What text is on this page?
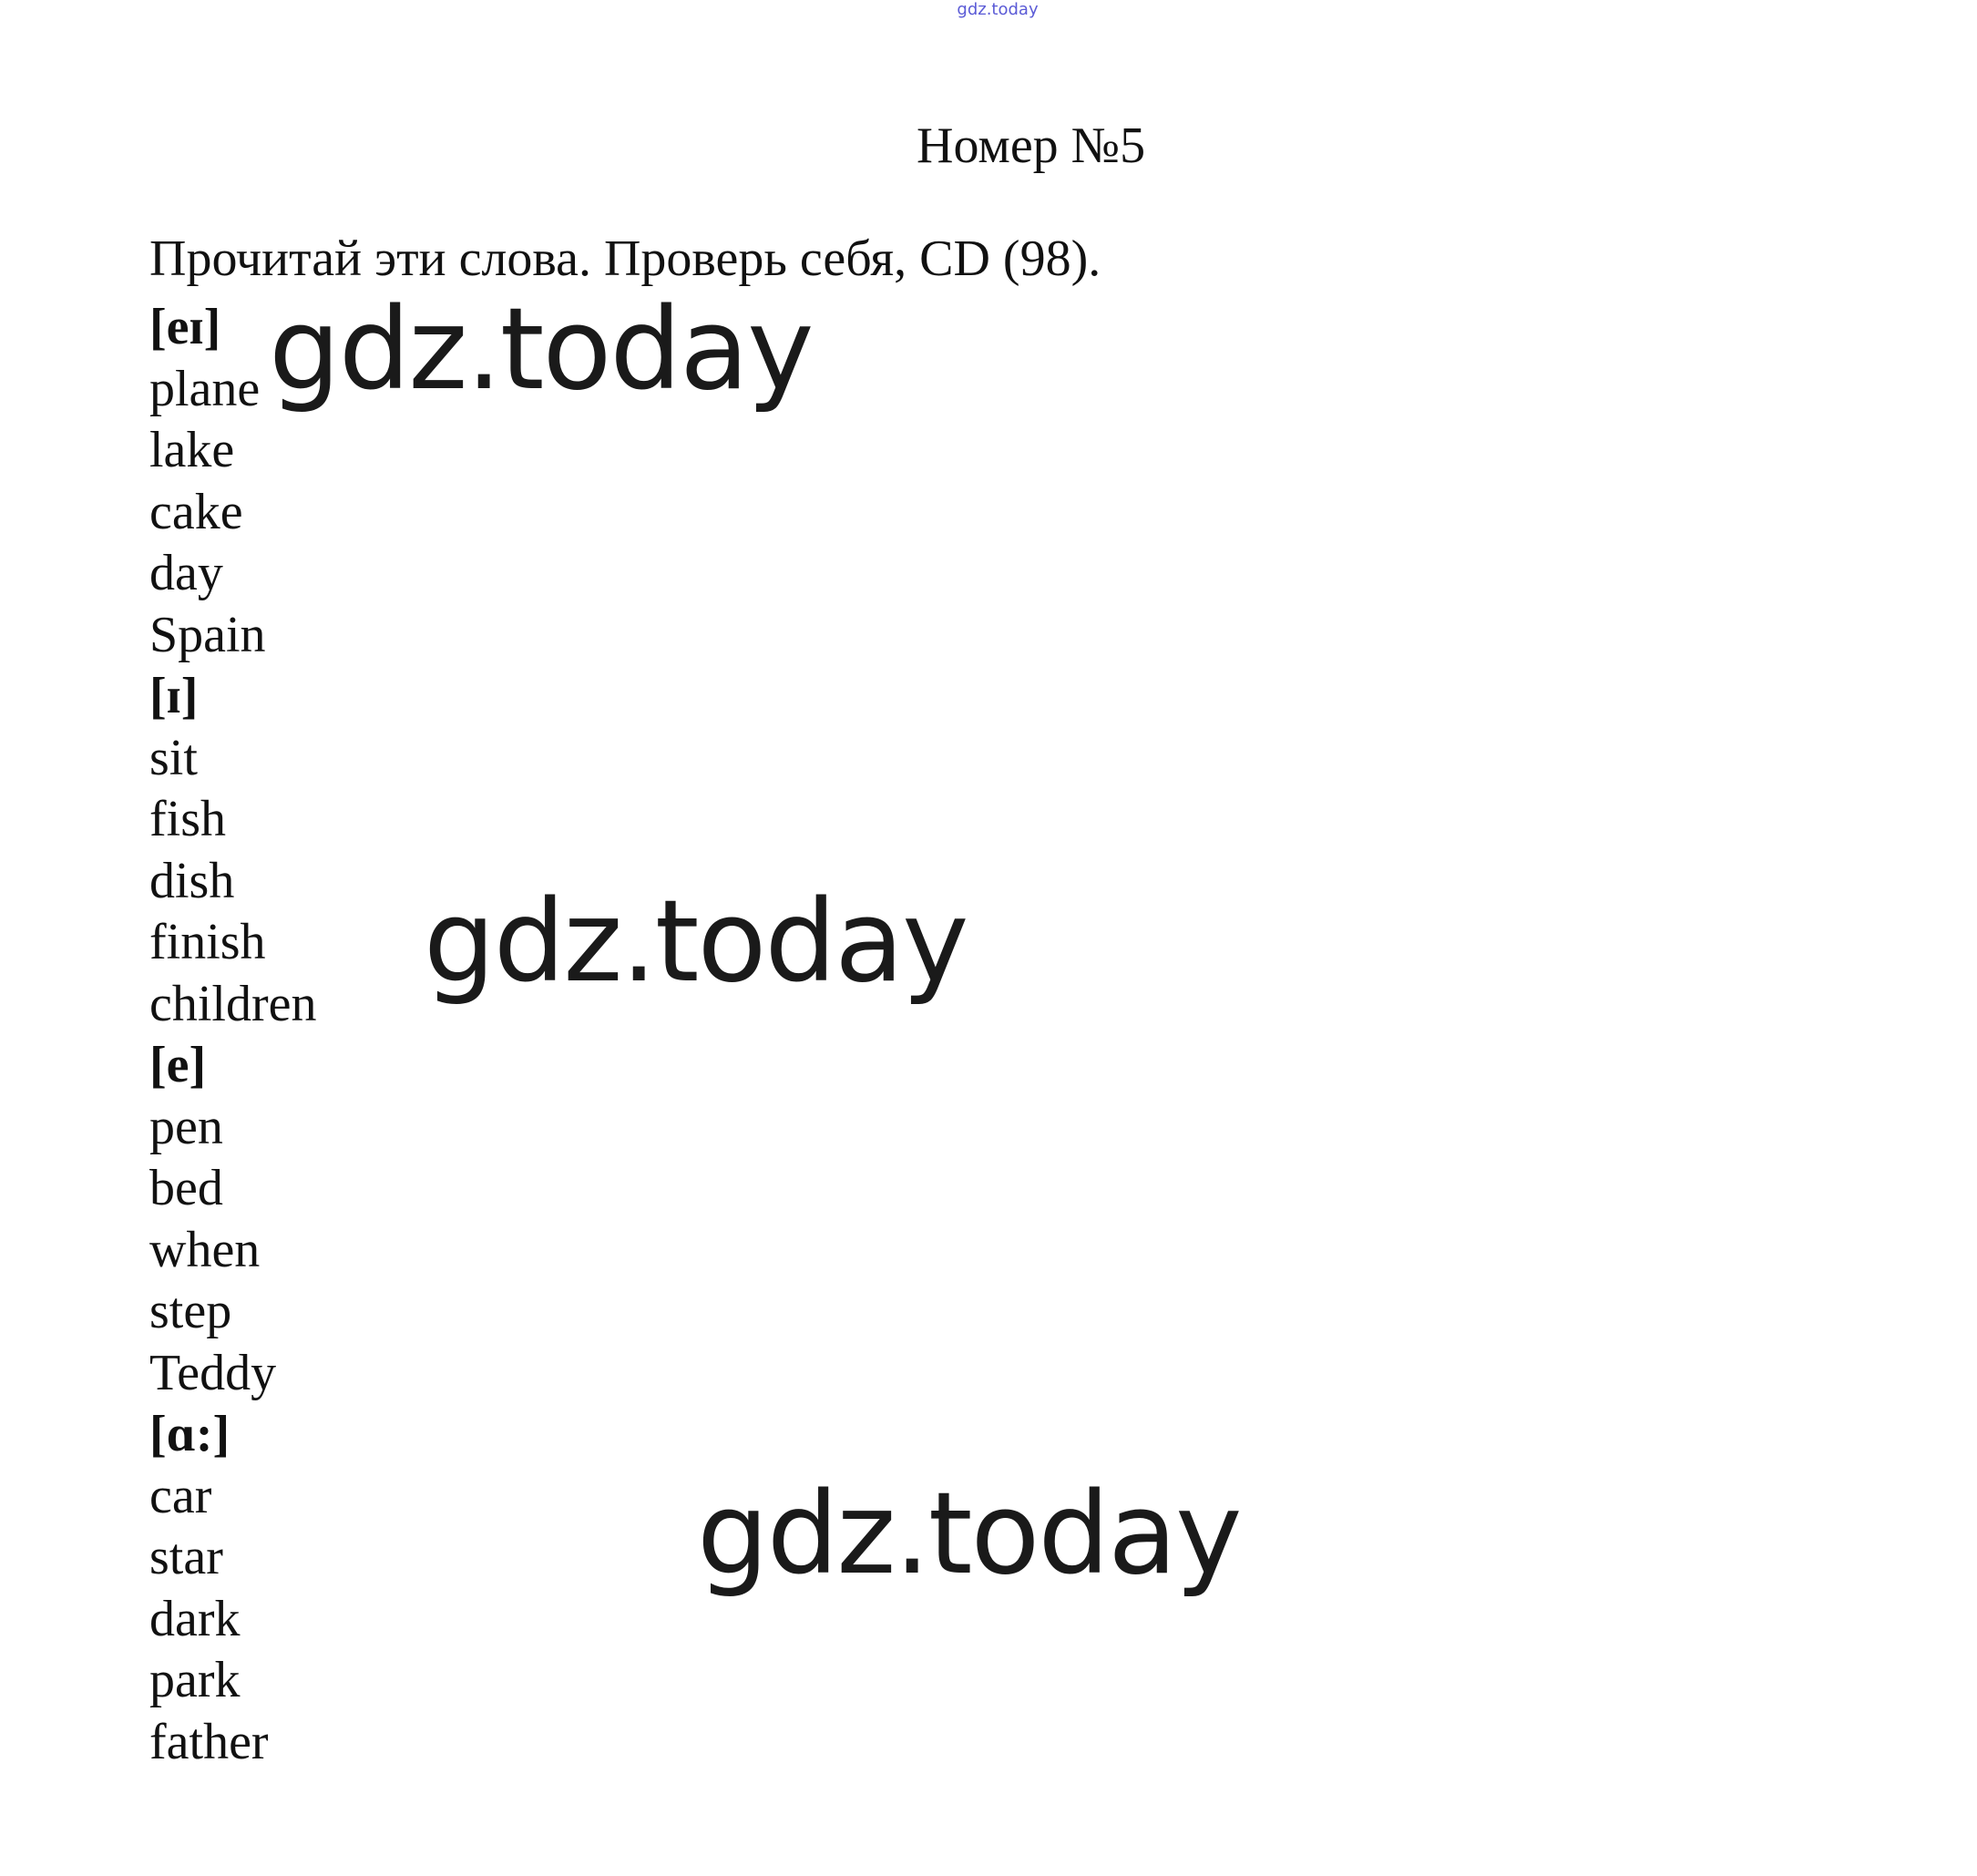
gdz.today
Номер №5
Прочитай эти слова. Проверь себя, CD (98).
[eɪ]
plane
lake
cake
day
Spain
[ɪ]
sit
fish
dish
finish
children
[e]
pen
bed
when
step
Teddy
[ɑ:]
car
star
dark
park
father
gdz.today
gdz.today
gdz.today
